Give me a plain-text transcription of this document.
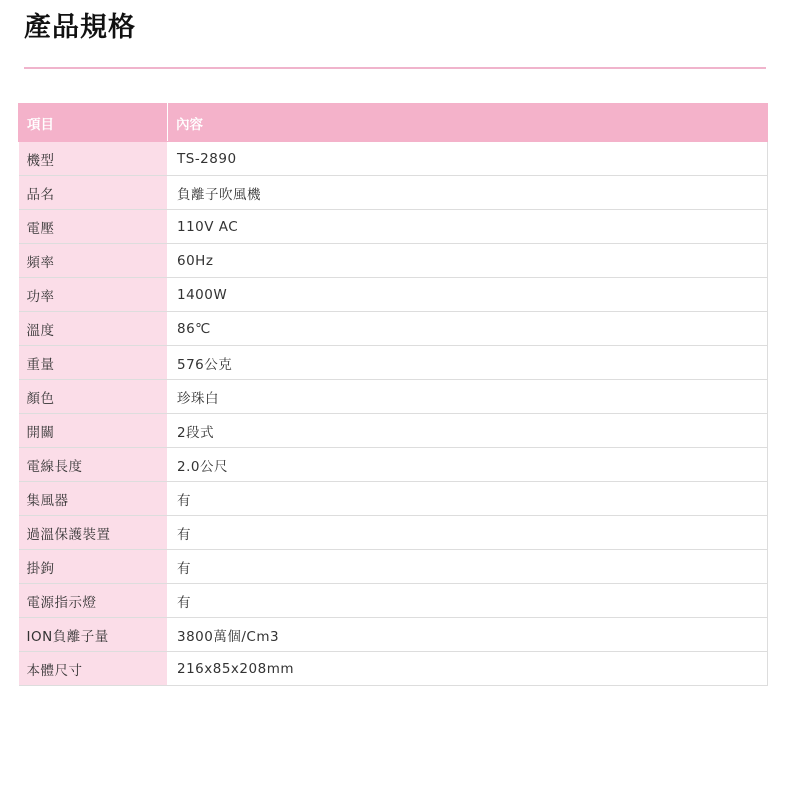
產品規格
項目	內容
機型	TS-2890
品名	負離子吹風機
電壓	110V AC
頻率	60Hz
功率	1400W
溫度	86℃
重量	576公克
顏色	珍珠白
開關	2段式
電線長度	2.0公尺
集風器	有
過溫保護裝置	有
掛鉤	有
電源指示燈	有
ION負離子量	3800萬個/Cm3
本體尺寸	216x85x208mm
